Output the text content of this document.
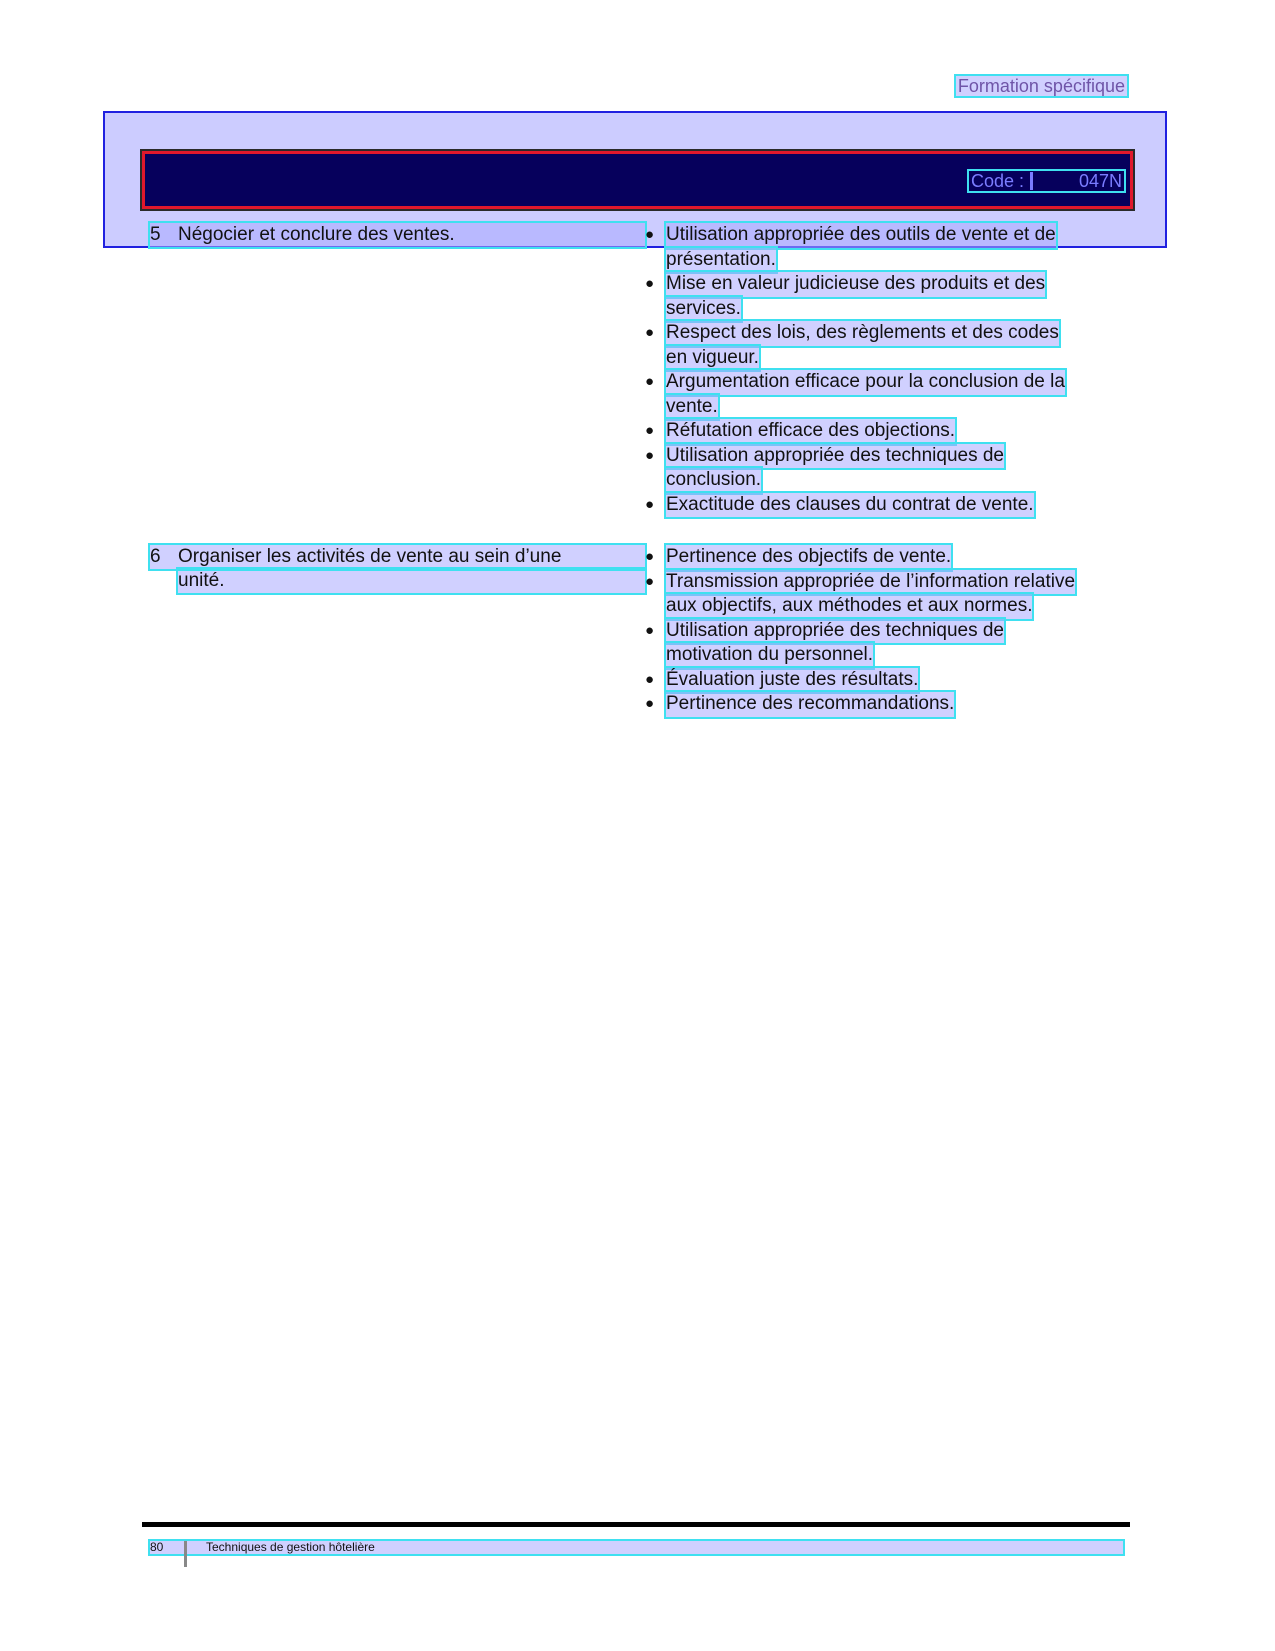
Formation spécifique
Code :	047N
5 Négocier et conclure des ventes.	● Utilisation appropriée des outils de vente et de
présentation.
● Mise en valeur judicieuse des produits et des
services.
● Respect des lois, des règlements et des codes
en vigueur.
● Argumentation efficace pour la conclusion de la
vente.
● Réfutation efficace des objections.
● Utilisation appropriée des techniques de
conclusion.
● Exactitude des clauses du contrat de vente.
6 Organiser les activités de vente au sein d’une
unité.
● Pertinence des objectifs de vente.
● Transmission appropriée de l’information relative
aux objectifs, aux méthodes et aux normes.
● Utilisation appropriée des techniques de
motivation du personnel.
● Évaluation juste des résultats.
● Pertinence des recommandations.
80	Techniques de gestion hôtelière
